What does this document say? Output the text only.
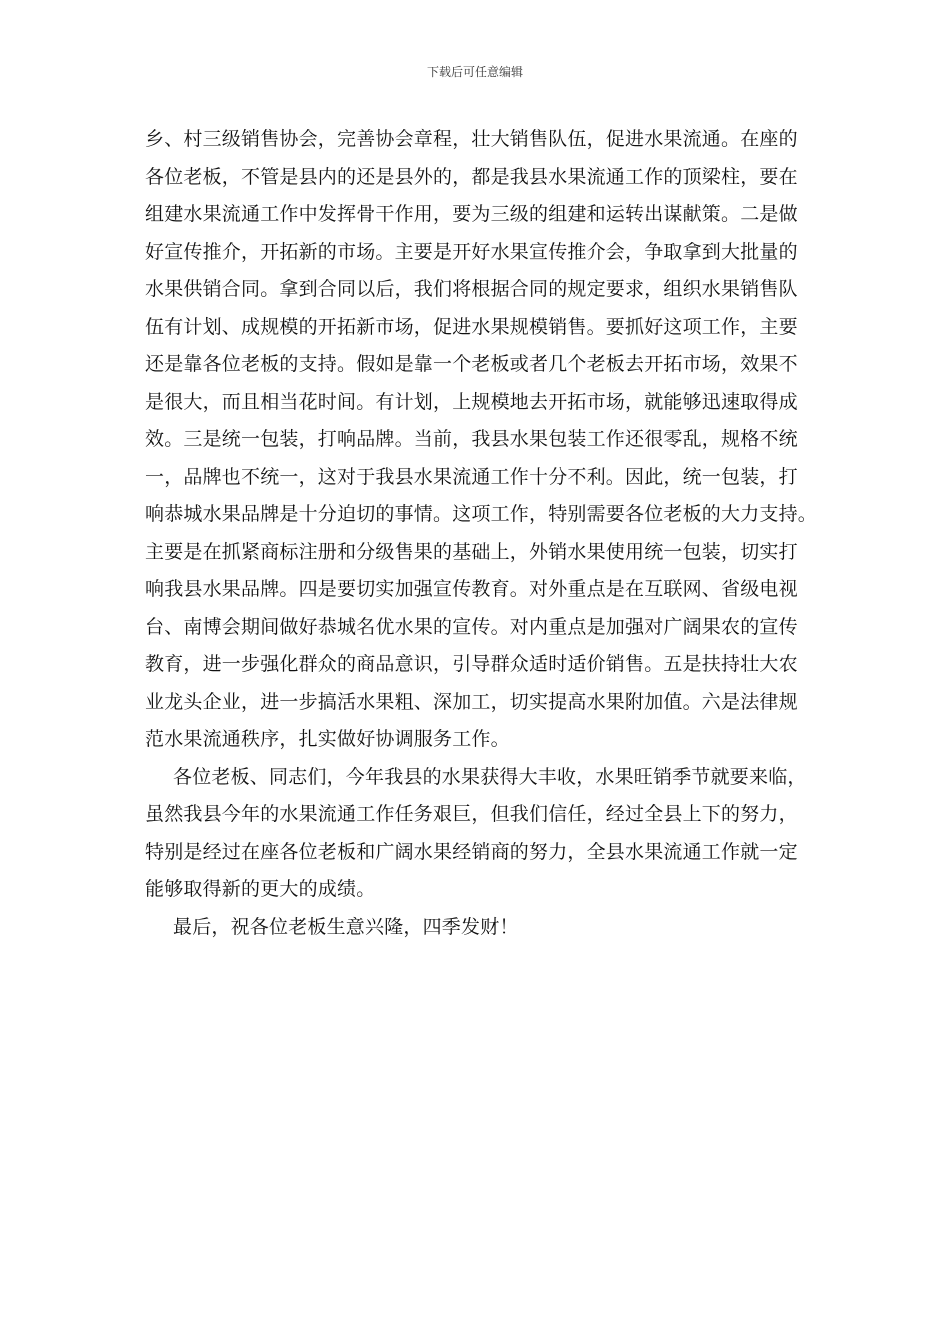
下载后可任意编辑
乡、村三级销售协会，完善协会章程，壮大销售队伍，促进水果流通。在座的
各位老板，不管是县内的还是县外的，都是我县水果流通工作的顶梁柱，要在
组建水果流通工作中发挥骨干作用，要为三级的组建和运转出谋献策。二是做
好宣传推介，开拓新的市场。主要是开好水果宣传推介会，争取拿到大批量的
水果供销合同。拿到合同以后，我们将根据合同的规定要求，组织水果销售队
伍有计划、成规模的开拓新市场，促进水果规模销售。要抓好这项工作，主要
还是靠各位老板的支持。假如是靠一个老板或者几个老板去开拓市场，效果不
是很大，而且相当花时间。有计划，上规模地去开拓市场，就能够迅速取得成
效。三是统一包装，打响品牌。当前，我县水果包装工作还很零乱，规格不统
一，品牌也不统一，这对于我县水果流通工作十分不利。因此，统一包装，打
响恭城水果品牌是十分迫切的事情。这项工作，特别需要各位老板的大力支持。
主要是在抓紧商标注册和分级售果的基础上，外销水果使用统一包装，切实打
响我县水果品牌。四是要切实加强宣传教育。对外重点是在互联网、省级电视
台、南博会期间做好恭城名优水果的宣传。对内重点是加强对广阔果农的宣传
教育，进一步强化群众的商品意识，引导群众适时适价销售。五是扶持壮大农
业龙头企业，进一步搞活水果粗、深加工，切实提高水果附加值。六是法律规
范水果流通秩序，扎实做好协调服务工作。
各位老板、同志们，今年我县的水果获得大丰收，水果旺销季节就要来临，
虽然我县今年的水果流通工作任务艰巨，但我们信任，经过全县上下的努力，
特别是经过在座各位老板和广阔水果经销商的努力，全县水果流通工作就一定
能够取得新的更大的成绩。
最后，祝各位老板生意兴隆，四季发财！
